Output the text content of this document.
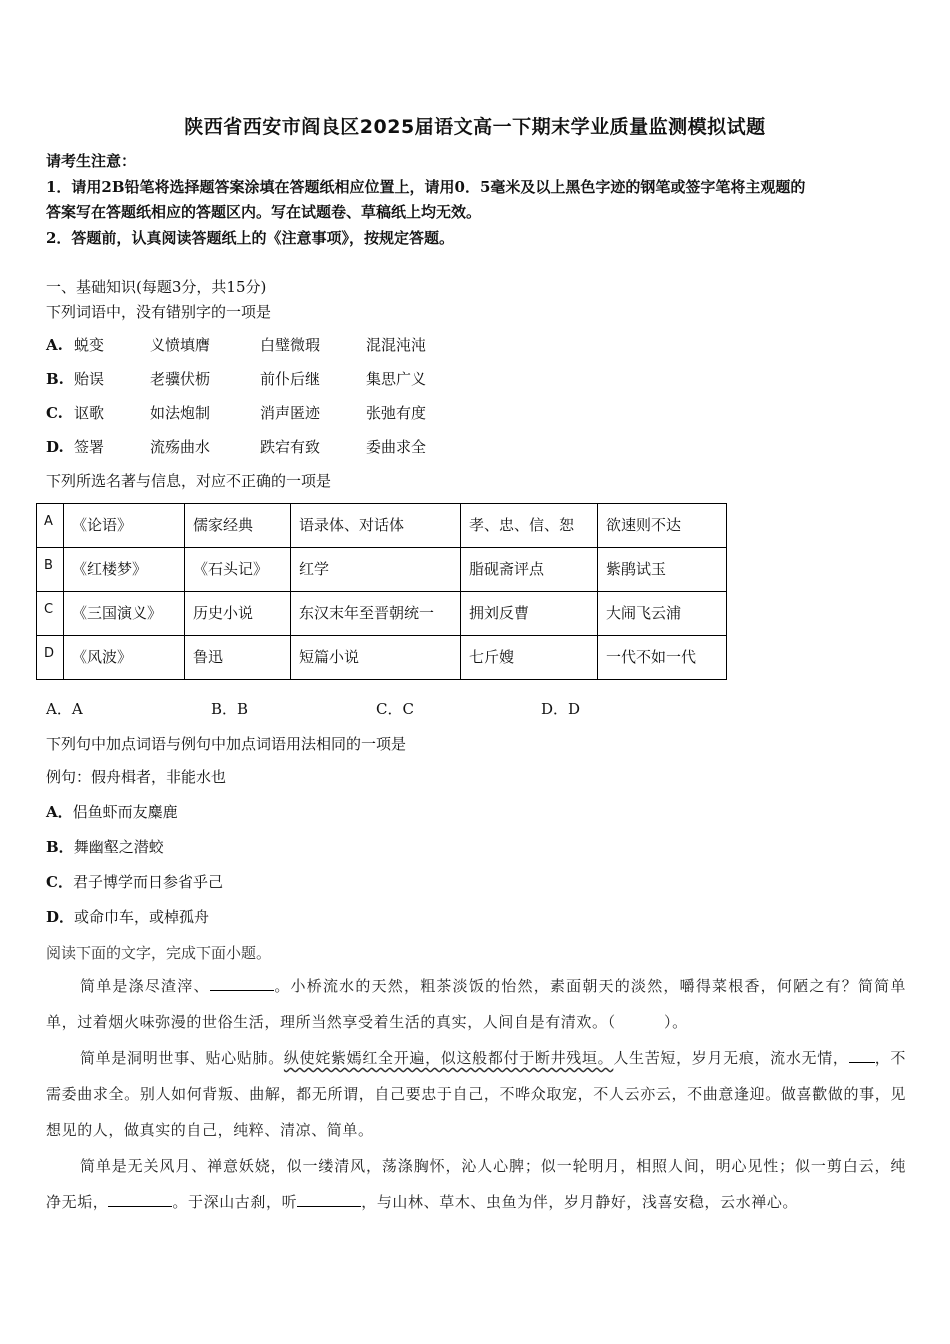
陕西省西安市阎良区2025届语文高一下期末学业质量监测模拟试题
请考生注意：
1．请用2B铅笔将选择题答案涂填在答题纸相应位置上，请用0．5毫米及以上黑色字迹的钢笔或签字笔将主观题的
答案写在答题纸相应的答题区内。写在试题卷、草稿纸上均无效。
2．答题前，认真阅读答题纸上的《注意事项》，按规定答题。
一、基础知识(每题3分，共15分)
下列词语中，没有错别字的一项是
A. 蜕变	义愤填膺	白璧微瑕	混混沌沌
B. 贻误	老骥伏枥	前仆后继	集思广义
C. 讴歌	如法炮制	消声匿迹	张弛有度
D. 签署	流殇曲水	跌宕有致	委曲求全
下列所选名著与信息，对应不正确的一项是
A	《论语》	儒家经典	语录体、对话体	孝、忠、信、恕	欲速则不达
B	《红楼梦》	《石头记》	红学	脂砚斋评点	紫鹃试玉
C	《三国演义》	历史小说	东汉末年至晋朝统一	拥刘反曹	大闹飞云浦
D	《风波》	鲁迅	短篇小说	七斤嫂	一代不如一代
A．A	B．B	C．C	D．D
下列句中加点词语与例句中加点词语用法相同的一项是
例句：假舟楫者，非能水也
A．侣鱼虾而友麋鹿
B．舞幽壑之潜蛟
C．君子博学而日参省乎己
D．或命巾车，或棹孤舟
阅读下面的文字，完成下面小题。
简单是涤尽渣滓、	。小桥流水的天然，粗茶淡饭的怡然，素面朝天的淡然，嚼得菜根香，何陋之有？简简单单，过着烟火味弥漫的世俗生活，理所当然享受着生活的真实，人间自是有清欢。（	）。
简单是洞明世事、贴心贴肺。纵使姹紫嫣红全开遍，似这般都付于断井残垣。人生苦短，岁月无痕，流水无情， ，不需委曲求全。别人如何背叛、曲解，都无所谓，自己要忠于自己，不哗众取宠，不人云亦云，不曲意逢迎。做喜歡做的事，见想见的人，做真实的自己，纯粹、清凉、简单。
简单是无关风月、禅意妖娆，似一缕清风，荡涤胸怀，沁人心脾；似一轮明月，相照人间，明心见性；似一剪白云，纯净无垢，	。于深山古刹，听	，与山林、草木、虫鱼为伴，岁月静好，浅喜安稳，云水禅心。
